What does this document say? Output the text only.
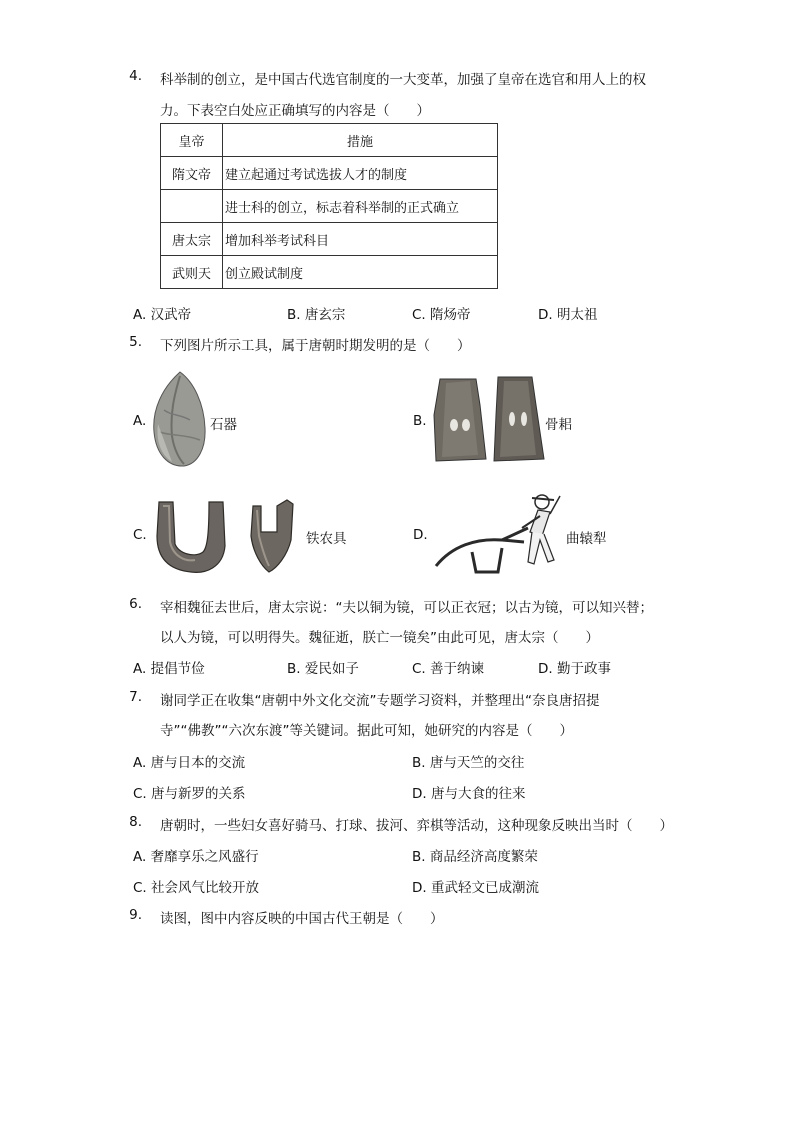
4. 科举制的创立，是中国古代选官制度的一大变革，加强了皇帝在选官和用人上的权
力。下表空白处应正确填写的内容是（　　）
皇帝	措施
隋文帝	建立起通过考试选拔人才的制度
	进士科的创立，标志着科举制的正式确立
唐太宗	增加科举考试科目
武则天	创立殿试制度
A. 汉武帝	B. 唐玄宗	C. 隋炀帝	D. 明太祖
5. 下列图片所示工具，属于唐朝时期发明的是（　　）
A.	石器	B.	骨耜
C.	铁农具	D.	曲辕犁
6. 宰相魏征去世后，唐太宗说：“夫以铜为镜，可以正衣冠；以古为镜，可以知兴替；
以人为镜，可以明得失。魏征逝，朕亡一镜矣”由此可见，唐太宗（　　）
A. 提倡节俭	B. 爱民如子	C. 善于纳谏	D. 勤于政事
7. 谢同学正在收集“唐朝中外文化交流”专题学习资料，并整理出“奈良唐招提
寺”“佛教”“六次东渡”等关键词。据此可知，她研究的内容是（　　）
A. 唐与日本的交流	B. 唐与天竺的交往
C. 唐与新罗的关系	D. 唐与大食的往来
8. 唐朝时，一些妇女喜好骑马、打球、拔河、弈棋等活动，这种现象反映出当时（　　）
A. 奢靡享乐之风盛行	B. 商品经济高度繁荣
C. 社会风气比较开放	D. 重武轻文已成潮流
9. 读图，图中内容反映的中国古代王朝是（　　）
